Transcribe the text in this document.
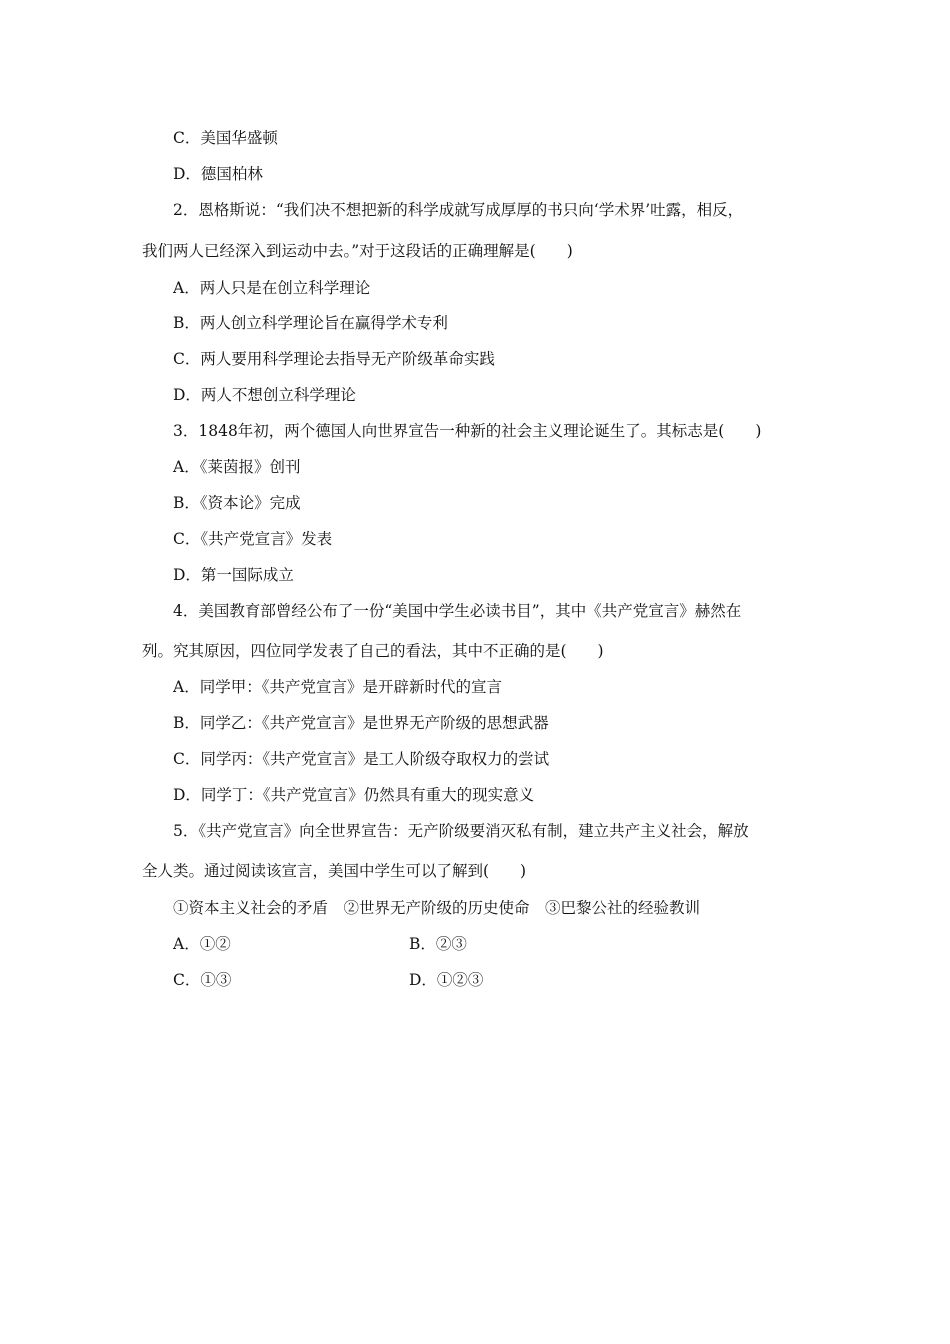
C．美国华盛顿
D．德国柏林
2．恩格斯说：“我们决不想把新的科学成就写成厚厚的书只向‘学术界’吐露，相反，
我们两人已经深入到运动中去。”对于这段话的正确理解是(　　)
A．两人只是在创立科学理论
B．两人创立科学理论旨在赢得学术专利
C．两人要用科学理论去指导无产阶级革命实践
D．两人不想创立科学理论
3．1848年初，两个德国人向世界宣告一种新的社会主义理论诞生了。其标志是(　　)
A．《莱茵报》创刊
B．《资本论》完成
C．《共产党宣言》发表
D．第一国际成立
4．美国教育部曾经公布了一份“美国中学生必读书目”，其中《共产党宣言》赫然在
列。究其原因，四位同学发表了自己的看法，其中不正确的是(　　)
A．同学甲：《共产党宣言》是开辟新时代的宣言
B．同学乙：《共产党宣言》是世界无产阶级的思想武器
C．同学丙：《共产党宣言》是工人阶级夺取权力的尝试
D．同学丁：《共产党宣言》仍然具有重大的现实意义
5．《共产党宣言》向全世界宣告：无产阶级要消灭私有制，建立共产主义社会，解放
全人类。通过阅读该宣言，美国中学生可以了解到(　　)
①资本主义社会的矛盾　②世界无产阶级的历史使命　③巴黎公社的经验教训
A．①②	B．②③
C．①③	D．①②③
